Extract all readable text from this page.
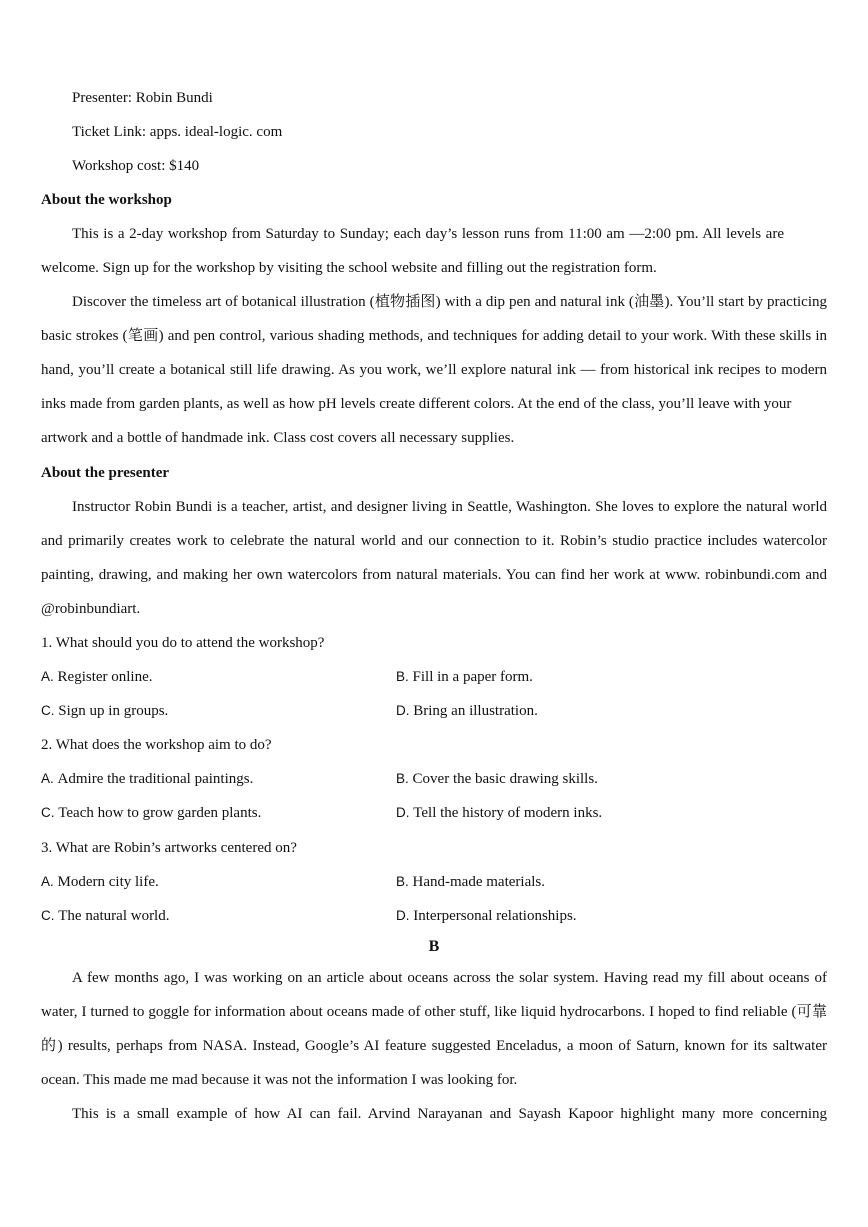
Presenter: Robin Bundi
Ticket Link: apps. ideal-logic. com
Workshop cost: $140
About the workshop
This is a 2-day workshop from Saturday to Sunday; each day’s lesson runs from 11:00 am —2:00 pm. All levels are
welcome. Sign up for the workshop by visiting the school website and filling out the registration form.
Discover the timeless art of botanical illustration (植物插图) with a dip pen and natural ink (油墨). You’ll start by practicing
basic strokes (笔画) and pen control, various shading methods, and techniques for adding detail to your work. With these skills in
hand, you’ll create a botanical still life drawing. As you work, we’ll explore natural ink — from historical ink recipes to modern
inks made from garden plants, as well as how pH levels create different colors. At the end of the class, you’ll leave with your
artwork and a bottle of handmade ink. Class cost covers all necessary supplies.
About the presenter
Instructor Robin Bundi is a teacher, artist, and designer living in Seattle, Washington. She loves to explore the natural world
and primarily creates work to celebrate the natural world and our connection to it. Robin’s studio practice includes watercolor
painting, drawing, and making her own watercolors from natural materials. You can find her work at www. robinbundi.com and
@robinbundiart.
1. What should you do to attend the workshop?
A. Register online.	B. Fill in a paper form.
C. Sign up in groups.	D. Bring an illustration.
2. What does the workshop aim to do?
A. Admire the traditional paintings.	B. Cover the basic drawing skills.
C. Teach how to grow garden plants.	D. Tell the history of modern inks.
3. What are Robin’s artworks centered on?
A. Modern city life.	B. Hand-made materials.
C. The natural world.	D. Interpersonal relationships.
B
A few months ago, I was working on an article about oceans across the solar system. Having read my fill about oceans of
water, I turned to goggle for information about oceans made of other stuff, like liquid hydrocarbons. I hoped to find reliable (可靠
的) results, perhaps from NASA. Instead, Google’s AI feature suggested Enceladus, a moon of Saturn, known for its saltwater
ocean. This made me mad because it was not the information I was looking for.
This is a small example of how AI can fail. Arvind Narayanan and Sayash Kapoor highlight many more concerning
